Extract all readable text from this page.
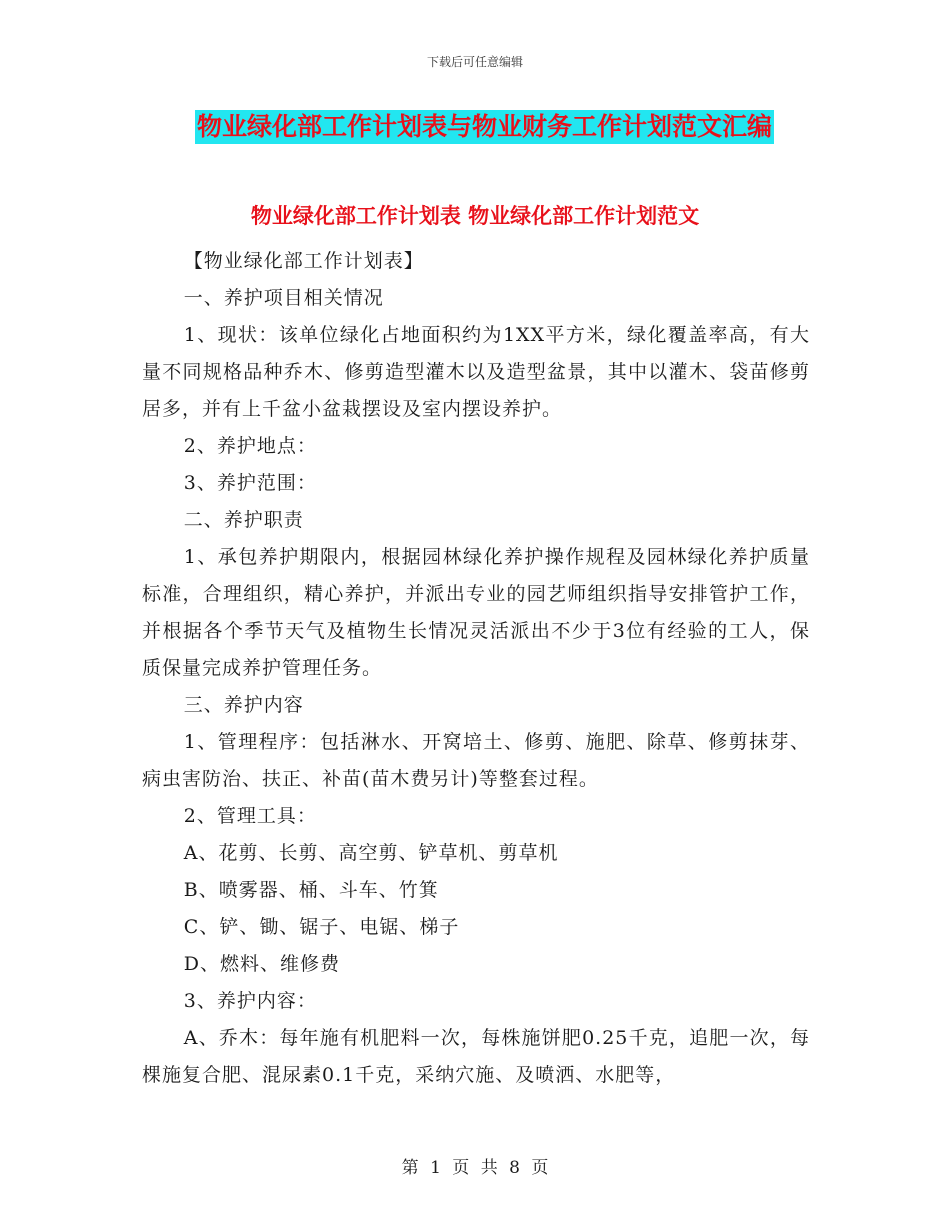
下载后可任意编辑
物业绿化部工作计划表与物业财务工作计划范文汇编
物业绿化部工作计划表 物业绿化部工作计划范文

【物业绿化部工作计划表】

一、养护项目相关情况

1、现状：该单位绿化占地面积约为1XX平方米，绿化覆盖率高，有大量不同规格品种乔木、修剪造型灌木以及造型盆景，其中以灌木、袋苗修剪居多，并有上千盆小盆栽摆设及室内摆设养护。

2、养护地点：

3、养护范围：

二、养护职责

1、承包养护期限内，根据园林绿化养护操作规程及园林绿化养护质量标准，合理组织，精心养护，并派出专业的园艺师组织指导安排管护工作，并根据各个季节天气及植物生长情况灵活派出不少于3位有经验的工人，保质保量完成养护管理任务。

三、养护内容

1、管理程序：包括淋水、开窝培土、修剪、施肥、除草、修剪抹芽、病虫害防治、扶正、补苗(苗木费另计)等整套过程。

2、管理工具：

A、花剪、长剪、高空剪、铲草机、剪草机

B、喷雾器、桶、斗车、竹箕

C、铲、锄、锯子、电锯、梯子

D、燃料、维修费

3、养护内容：

A、乔木：每年施有机肥料一次，每株施饼肥0.25千克，追肥一次，每棵施复合肥、混尿素0.1千克，采纳穴施、及喷洒、水肥等，

第 1 页 共 8 页
